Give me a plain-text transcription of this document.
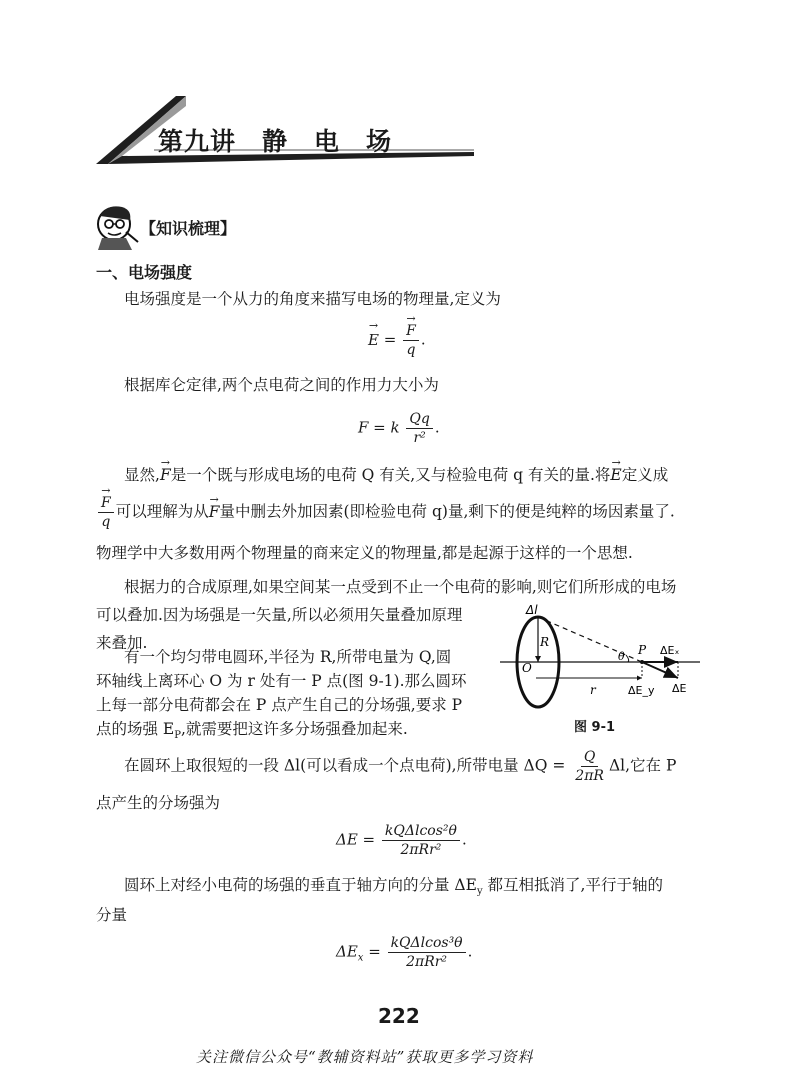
第九讲　静　电　场
【知识梳理】
一、电场强度
电场强度是一个从力的角度来描写电场的物理量,定义为
→ E =
→ $\frac{F}{q}$ .
根据库仑定律,两个点电荷之间的作用力大小为
F = k $\frac{Qq}{\text{r²}}$ .
显然,→ F是一个既与形成电场的电荷 Q 有关,又与检验电荷 q 有关的量.将→ E定义成
→ $\frac{F}{q}$ 可以理解为从→ F量中删去外加因素(即检验电荷 q)量,剩下的便是纯粹的场因素量了.
物理学中大多数用两个物理量的商来定义的物理量,都是起源于这样的一个思想.
根据力的合成原理,如果空间某一点受到不止一个电荷的影响,则它们所形成的电场
可以叠加.因为场强是一矢量,所以必须用矢量叠加原理
来叠加.
有一个均匀带电圆环,半径为 R,所带电量为 Q,圆
环轴线上离环心 O 为 r 处有一 P 点(图 9-1).那么圆环
上每一部分电荷都会在 P 点产生自己的分场强,要求 P
点的场强 $E_P$,就需要把这许多分场强叠加起来.
Δl
R
O
r
θ P ΔEₓ
ΔE_y ΔE
图 9-1
在圆环上取很短的一段 Δl(可以看成一个点电荷),所带电量 $\Delta Q = \frac{Q}{2\pi R} \Delta l$,它在 P
点产生的分场强为
$\Delta E = \frac{\text{kQΔlcos²θ}}{\text{2πRr²}}$ .
圆环上对经小电荷的场强的垂直于轴方向的分量 $\Delta E_y$ 都互相抵消了,平行于轴的
分量
$\Delta E_x = \frac{\text{kQΔlcos³θ}}{\text{2πRr²}}$ .
222
关注微信公众号“教辅资料站”获取更多学习资料
